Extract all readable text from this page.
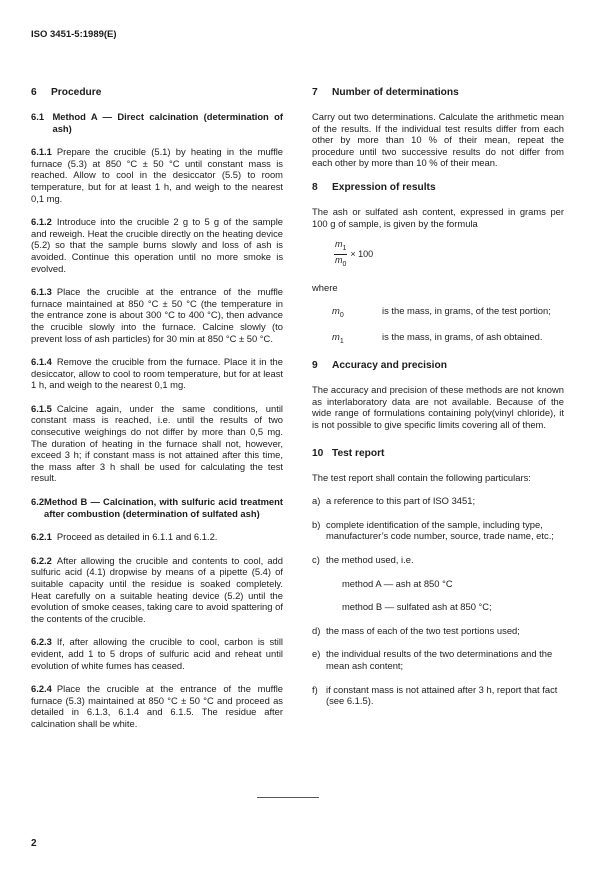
ISO 3451-5:1989(E)
6 Procedure
6.1 Method A — Direct calcination (determination of ash)

6.1.1 Prepare the crucible (5.1) by heating in the muffle furnace (5.3) at 850 °C ± 50 °C until constant mass is reached. Allow to cool in the desiccator (5.5) to room temperature, but for at least 1 h, and weigh to the nearest 0,1 mg.

6.1.2 Introduce into the crucible 2 g to 5 g of the sample and reweigh. Heat the crucible directly on the heating device (5.2) so that the sample burns slowly and loss of ash is avoided. Continue this operation until no more smoke is evolved.

6.1.3 Place the crucible at the entrance of the muffle furnace maintained at 850 °C ± 50 °C (the temperature in the entrance zone is about 300 °C to 400 °C), then advance the crucible slowly into the furnace. Calcine slowly (to prevent loss of ash particles) for 30 min at 850 °C ± 50 °C.

6.1.4 Remove the crucible from the furnace. Place it in the desiccator, allow to cool to room temperature, but for at least 1 h, and weigh to the nearest 0,1 mg.

6.1.5 Calcine again, under the same conditions, until constant mass is reached, i.e. until the results of two consecutive weighings do not differ by more than 0,5 mg. The duration of heating in the furnace shall not, however, exceed 3 h; if constant mass is not attained after this time, the mass after 3 h shall be used for calculating the test result.

6.2 Method B — Calcination, with sulfuric acid treatment after combustion (determination of sulfated ash)

6.2.1 Proceed as detailed in 6.1.1 and 6.1.2.

6.2.2 After allowing the crucible and contents to cool, add sulfuric acid (4.1) dropwise by means of a pipette (5.4) of suitable capacity until the residue is soaked completely. Heat carefully on a suitable heating device (5.2) until the evolution of smoke ceases, taking care to avoid spattering of the contents of the crucible.

6.2.3 If, after allowing the crucible to cool, carbon is still evident, add 1 to 5 drops of sulfuric acid and reheat until evolution of white fumes has ceased.

6.2.4 Place the crucible at the entrance of the muffle furnace (5.3) maintained at 850 °C ± 50 °C and proceed as detailed in 6.1.3, 6.1.4 and 6.1.5. The residue after calcination shall be white.

7 Number of determinations

Carry out two determinations. Calculate the arithmetic mean of the results. If the individual test results differ from each other by more than 10 % of their mean, repeat the procedure until two successive results do not differ from each other by more than 10 % of their mean.

8 Expression of results

The ash or sulfated ash content, expressed in grams per 100 g of sample, is given by the formula

$\frac{m_1}{m_0} \times 100$

where

$m_0$	is the mass, in grams, of the test portion;
$m_1$	is the mass, in grams, of ash obtained.
9 Accuracy and precision

The accuracy and precision of these methods are not known as interlaboratory data are not available. Because of the wide range of formulations containing poly(vinyl chloride), it is not possible to give specific limits covering all of them.

10 Test report

The test report shall contain the following particulars:

a) a reference to this part of ISO 3451;
b) complete identification of the sample, including type, manufacturer’s code number, source, trade name, etc.;
c) the method used, i.e.
method A — ash at 850 °C
method B — sulfated ash at 850 °C;
d) the mass of each of the two test portions used;
e) the individual results of the two determinations and the mean ash content;
f) if constant mass is not attained after 3 h, report that fact (see 6.1.5).
2
